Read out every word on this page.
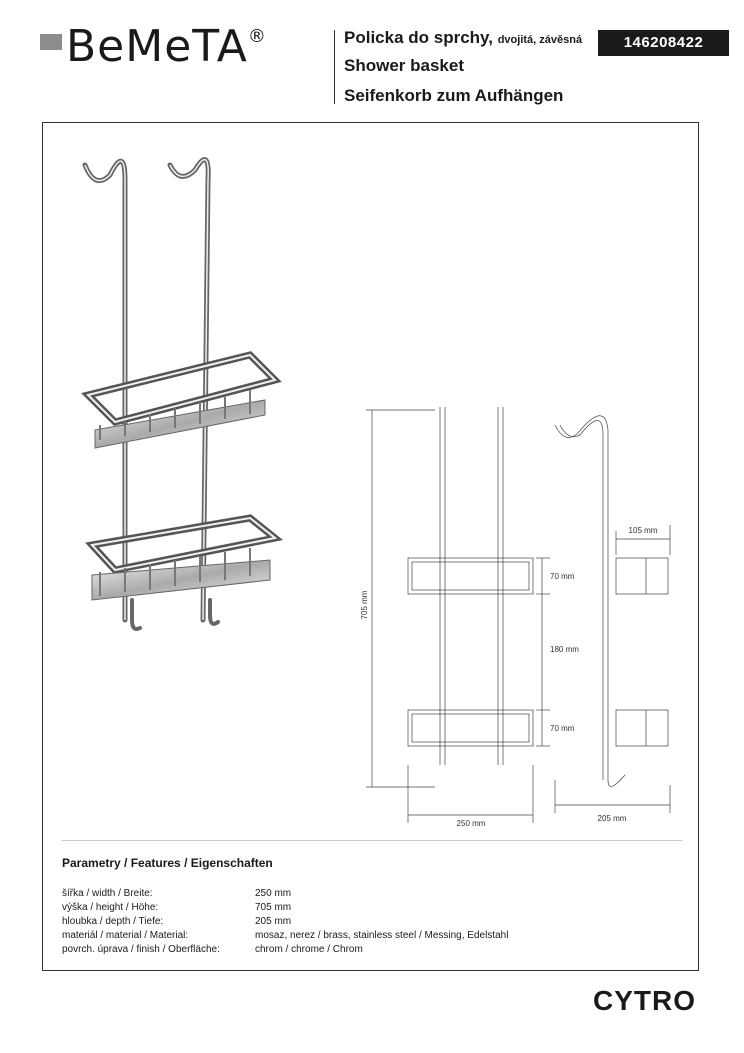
BeMeTA®	Policka do sprchy, dvojitá, závěsná
Shower basket
Seifenkorb zum Aufhängen
146208422
705 mm
250 mm
205 mm
105 mm
70 mm
180 mm
70 mm
Parametry / Features / Eigenschaften
šířka / width / Breite:	250 mm
výška / height / Höhe:	705 mm
hloubka / depth / Tiefe:	205 mm
materiál / material / Material:	mosaz, nerez / brass, stainless steel / Messing, Edelstahl
povrch. úprava / finish / Oberfläche:	chrom / chrome / Chrom
CYTRO
